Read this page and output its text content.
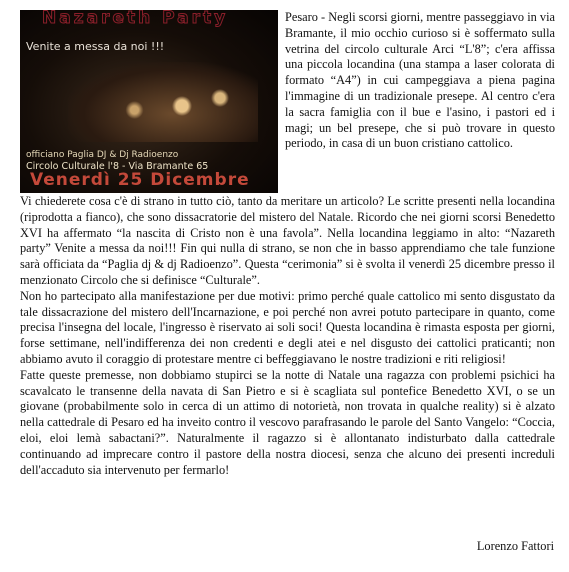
Nazareth Party
Venite a messa da noi !!!
officiano Paglia DJ & Dj Radioenzo
Circolo Culturale l'8 - Via Bramante 65
Venerdì 25 Dicembre

Pesaro - Negli scorsi giorni, mentre passeggiavo in via Bramante, il mio occhio curioso si è soffermato sulla vetrina del circolo culturale Arci “L'8”; c'era affissa una piccola locandina (una stampa a laser colorata di formato “A4”) in cui campeggiava a piena pagina l'immagine di un tradizionale presepe. Al centro c'era la sacra famiglia con il bue e l'asino, i pastori ed i magi; un bel presepe, che si può trovare in questo periodo, in casa di un buon cristiano cattolico.

Vi chiederete cosa c'è di strano in tutto ciò, tanto da meritare un articolo? Le scritte presenti nella locandina (riprodotta a fianco), che sono dissacratorie del mistero del Natale. Ricordo che nei giorni scorsi Benedetto XVI ha affermato “la nascita di Cristo non è una favola”. Nella locandina leggiamo in alto: “Nazareth party” Venite a messa da noi!!! Fin qui nulla di strano, se non che in basso apprendiamo che tale funzione sarà officiata da “Paglia dj & dj Radioenzo”. Questa “cerimonia” si è svolta il venerdì 25 dicembre presso il menzionato Circolo che si definisce “Culturale”.

Non ho partecipato alla manifestazione per due motivi: primo perché quale cattolico mi sento disgustato da tale dissacrazione del mistero dell'Incarnazione, e poi perché non avrei potuto partecipare in quanto, come precisa l'insegna del locale, l'ingresso è riservato ai soli soci! Questa locandina è rimasta esposta per giorni, forse settimane, nell'indifferenza dei non credenti e degli atei e nel disgusto dei cattolici praticanti; non abbiamo avuto il coraggio di protestare mentre ci beffeggiavano le nostre tradizioni e riti religiosi!

Fatte queste premesse, non dobbiamo stupirci se la notte di Natale una ragazza con problemi psichici ha scavalcato le transenne della navata di San Pietro e si è scagliata sul pontefice Benedetto XVI, o se un giovane (probabilmente solo in cerca di un attimo di notorietà, non trovata in qualche reality) si è alzato nella cattedrale di Pesaro ed ha inveito contro il vescovo parafrasando le parole del Santo Vangelo: “Coccia, eloi, eloi lemà sabactani?”. Naturalmente il ragazzo si è allontanato indisturbato dalla cattedrale continuando ad imprecare contro il pastore della nostra diocesi, senza che alcuno dei presenti increduli dell'accaduto sia intervenuto per fermarlo!

Lorenzo Fattori
